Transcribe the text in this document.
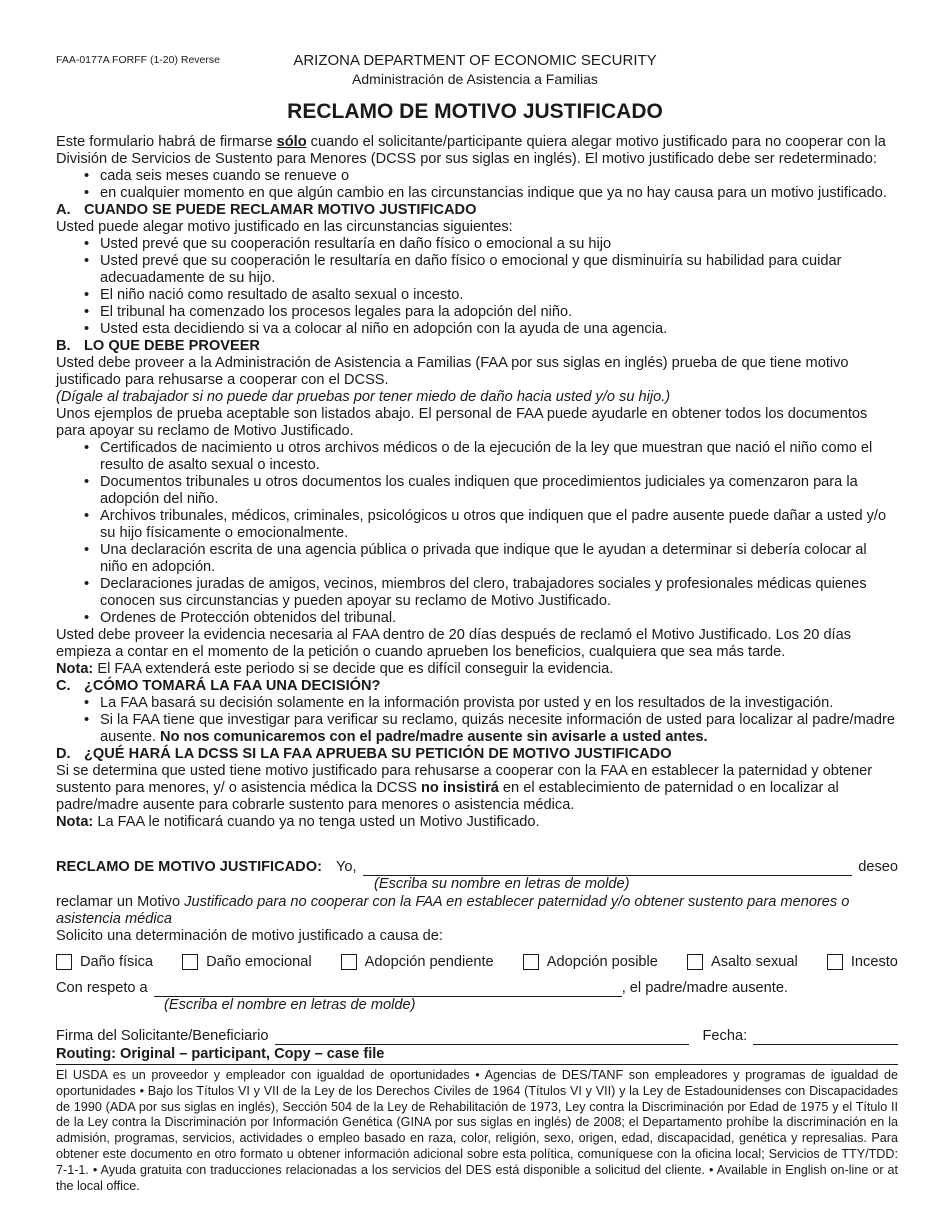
FAA-0177A FORFF (1-20) Reverse	ARIZONA DEPARTMENT OF ECONOMIC SECURITY
Administración de Asistencia a Familias
RECLAMO DE MOTIVO JUSTIFICADO

Este formulario habrá de firmarse sólo cuando el solicitante/participante quiera alegar motivo justificado para no cooperar con la División de Servicios de Sustento para Menores (DCSS por sus siglas en inglés). El motivo justificado debe ser redeterminado:

• cada seis meses cuando se renueve o
• en cualquier momento en que algún cambio en las circunstancias indique que ya no hay causa para un motivo justificado.

A. CUANDO SE PUEDE RECLAMAR MOTIVO JUSTIFICADO

Usted puede alegar motivo justificado en las circunstancias siguientes:

• Usted prevé que su cooperación resultaría en daño físico o emocional a su hijo
• Usted prevé que su cooperación le resultaría en daño físico o emocional y que disminuiría su habilidad para cuidar adecuadamente de su hijo.
• El niño nació como resultado de asalto sexual o incesto.
• El tribunal ha comenzado los procesos legales para la adopción del niño.
• Usted esta decidiendo si va a colocar al niño en adopción con la ayuda de una agencia.

B. LO QUE DEBE PROVEER

Usted debe proveer a la Administración de Asistencia a Familias (FAA por sus siglas en inglés) prueba de que tiene motivo justificado para rehusarse a cooperar con el DCSS.

(Dígale al trabajador si no puede dar pruebas por tener miedo de daño hacia usted y/o su hijo.)

Unos ejemplos de prueba aceptable son listados abajo. El personal de FAA puede ayudarle en obtener todos los documentos para apoyar su reclamo de Motivo Justificado.

• Certificados de nacimiento u otros archivos médicos o de la ejecución de la ley que muestran que nació el niño como el resulto de asalto sexual o incesto.
• Documentos tribunales u otros documentos los cuales indiquen que procedimientos judiciales ya comenzaron para la adopción del niño.
• Archivos tribunales, médicos, criminales, psicológicos u otros que indiquen que el padre ausente puede dañar a usted y/o su hijo físicamente o emocionalmente.
• Una declaración escrita de una agencia pública o privada que indique que le ayudan a determinar si debería colocar al niño en adopción.
• Declaraciones juradas de amigos, vecinos, miembros del clero, trabajadores sociales y profesionales médicas quienes conocen sus circunstancias y pueden apoyar su reclamo de Motivo Justificado.
• Ordenes de Protección obtenidos del tribunal.

Usted debe proveer la evidencia necesaria al FAA dentro de 20 días después de reclamó el Motivo Justificado. Los 20 días empieza a contar en el momento de la petición o cuando aprueben los beneficios, cualquiera que sea más tarde.

Nota: El FAA extenderá este periodo si se decide que es difícil conseguir la evidencia.

C. ¿CÓMO TOMARÁ LA FAA UNA DECISIÓN?

• La FAA basará su decisión solamente en la información provista por usted y en los resultados de la investigación.
• Si la FAA tiene que investigar para verificar su reclamo, quizás necesite información de usted para localizar al padre/madre ausente. No nos comunicaremos con el padre/madre ausente sin avisarle a usted antes.

D. ¿QUÉ HARÁ LA DCSS SI LA FAA APRUEBA SU PETICIÓN DE MOTIVO JUSTIFICADO

Si se determina que usted tiene motivo justificado para rehusarse a cooperar con la FAA en establecer la paternidad y obtener sustento para menores, y/ o asistencia médica la DCSS no insistirá en el establecimiento de paternidad o en localizar al padre/madre ausente para cobrarle sustento para menores o asistencia médica.

Nota: La FAA le notificará cuando ya no tenga usted un Motivo Justificado.

RECLAMO DE MOTIVO JUSTIFICADO: Yo,	deseo
(Escriba su nombre en letras de molde)

reclamar un Motivo Justificado para no cooperar con la FAA en establecer paternidad y/o obtener sustento para menores o asistencia médica

Solicito una determinación de motivo justificado a causa de:

Daño física	Daño emocional	Adopción pendiente	Adopción posible	Asalto sexual	Incesto
Con respeto a	, el padre/madre ausente.
(Escriba el nombre en letras de molde)
Firma del Solicitante/Beneficiario	Fecha:
Routing: Original – participant, Copy – case file
El USDA es un proveedor y empleador con igualdad de oportunidades • Agencias de DES/TANF son empleadores y programas de igualdad de oportunidades • Bajo los Títulos VI y VII de la Ley de los Derechos Civiles de 1964 (Títulos VI y VII) y la Ley de Estadounidenses con Discapacidades de 1990 (ADA por sus siglas en inglés), Sección 504 de la Ley de Rehabilitación de 1973, Ley contra la Discriminación por Edad de 1975 y el Título II de la Ley contra la Discriminación por Información Genética (GINA por sus siglas en inglés) de 2008; el Departamento prohíbe la discriminación en la admisión, programas, servicios, actividades o empleo basado en raza, color, religión, sexo, origen, edad, discapacidad, genética y represalias. Para obtener este documento en otro formato u obtener información adicional sobre esta política, comuníquese con la oficina local; Servicios de TTY/TDD: 7-1-1. • Ayuda gratuita con traducciones relacionadas a los servicios del DES está disponible a solicitud del cliente. • Available in English on-line or at the local office.
